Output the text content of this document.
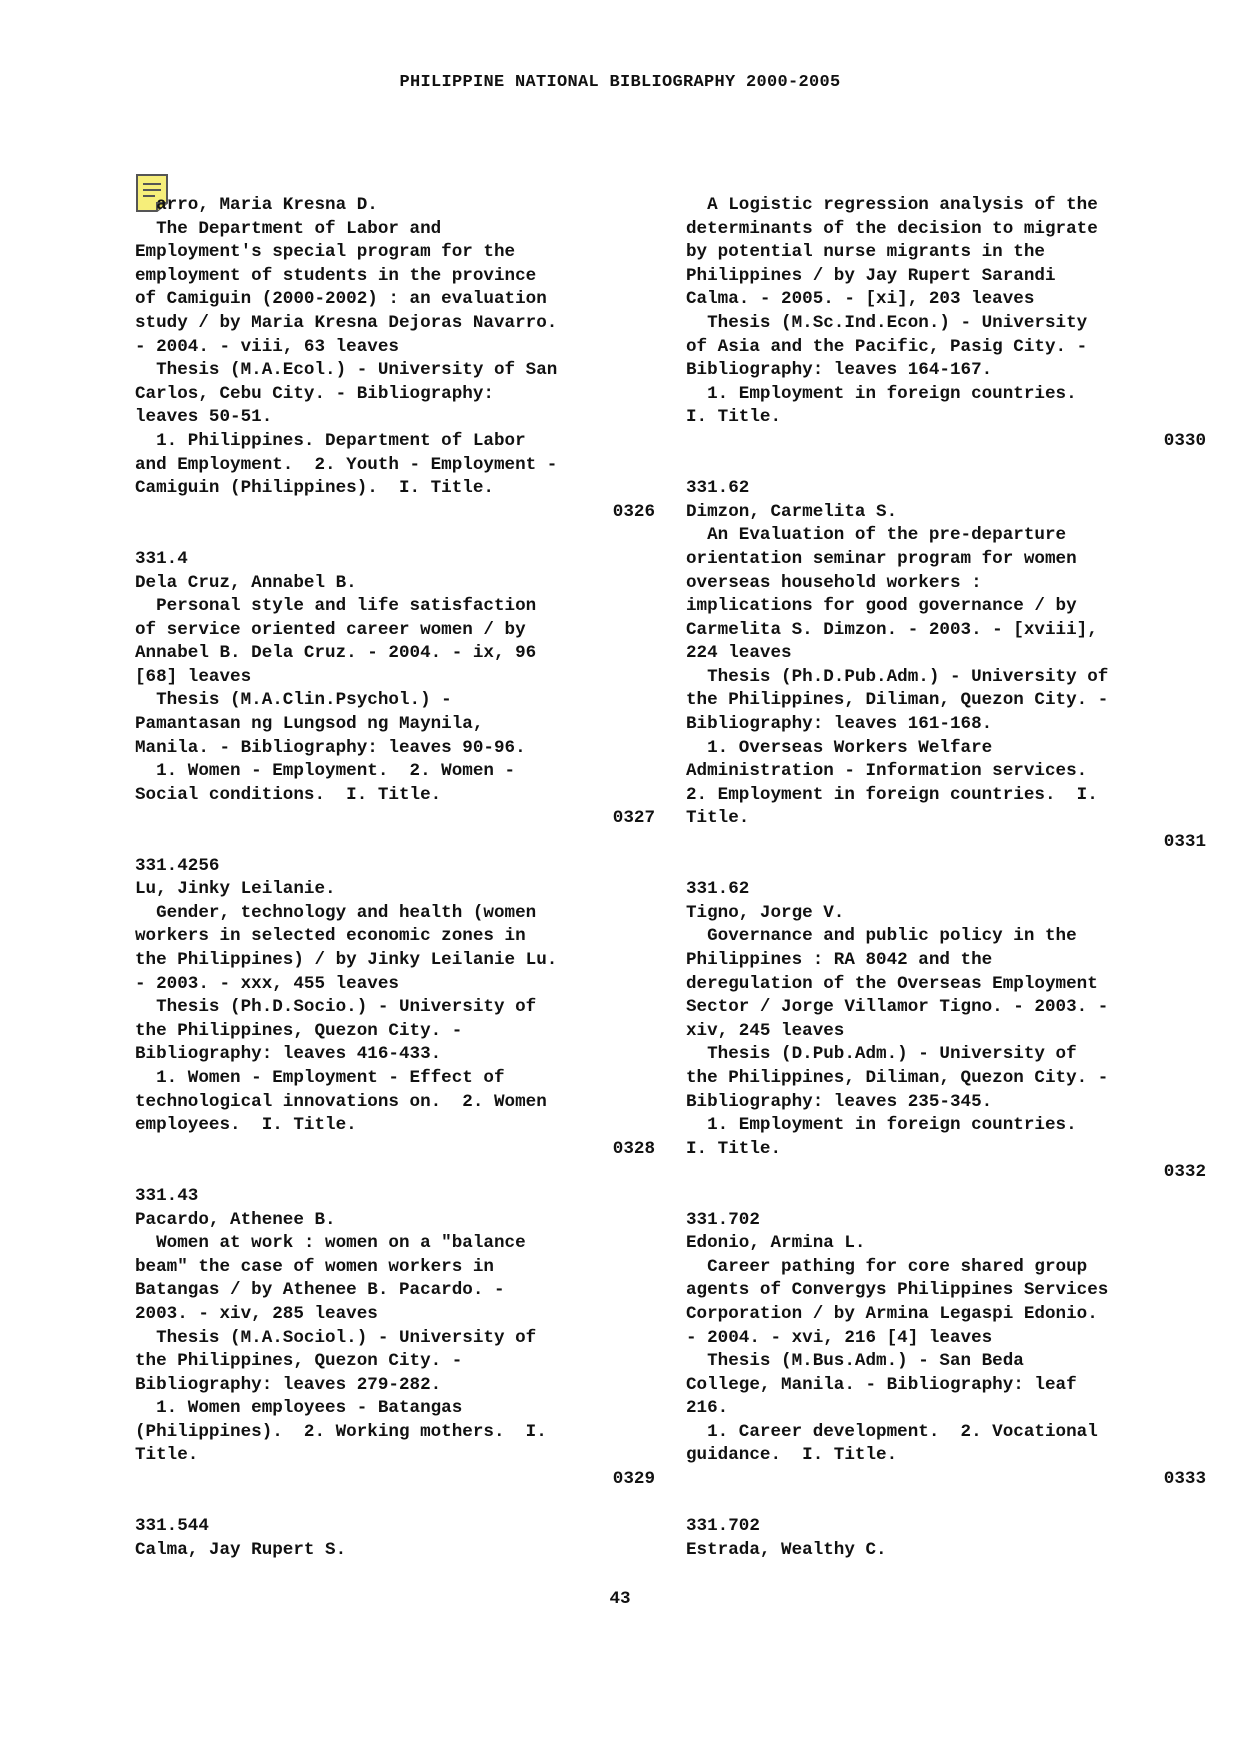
PHILIPPINE NATIONAL BIBLIOGRAPHY 2000-2005
arro, Maria Kresna D.
The Department of Labor and
Employment's special program for the
employment of students in the province
of Camiguin (2000-2002) : an evaluation
study / by Maria Kresna Dejoras Navarro.
- 2004. - viii, 63 leaves
Thesis (M.A.Ecol.) - University of San
Carlos, Cebu City. - Bibliography:
leaves 50-51.
1. Philippines. Department of Labor
and Employment.  2. Youth - Employment -
Camiguin (Philippines).  I. Title.
0326
331.4
Dela Cruz, Annabel B.
Personal style and life satisfaction
of service oriented career women / by
Annabel B. Dela Cruz. - 2004. - ix, 96
[68] leaves
Thesis (M.A.Clin.Psychol.) -
Pamantasan ng Lungsod ng Maynila,
Manila. - Bibliography: leaves 90-96.
1. Women - Employment.  2. Women -
Social conditions.  I. Title.
0327
331.4256
Lu, Jinky Leilanie.
Gender, technology and health (women
workers in selected economic zones in
the Philippines) / by Jinky Leilanie Lu.
- 2003. - xxx, 455 leaves
Thesis (Ph.D.Socio.) - University of
the Philippines, Quezon City. -
Bibliography: leaves 416-433.
1. Women - Employment - Effect of
technological innovations on.  2. Women
employees.  I. Title.
0328
331.43
Pacardo, Athenee B.
Women at work : women on a "balance
beam" the case of women workers in
Batangas / by Athenee B. Pacardo. -
2003. - xiv, 285 leaves
Thesis (M.A.Sociol.) - University of
the Philippines, Quezon City. -
Bibliography: leaves 279-282.
1. Women employees - Batangas
(Philippines).  2. Working mothers.  I.
Title.
0329
331.544
Calma, Jay Rupert S.
A Logistic regression analysis of the
determinants of the decision to migrate
by potential nurse migrants in the
Philippines / by Jay Rupert Sarandi
Calma. - 2005. - [xi], 203 leaves
Thesis (M.Sc.Ind.Econ.) - University
of Asia and the Pacific, Pasig City. -
Bibliography: leaves 164-167.
1. Employment in foreign countries.
I. Title.
0330
331.62
Dimzon, Carmelita S.
An Evaluation of the pre-departure
orientation seminar program for women
overseas household workers :
implications for good governance / by
Carmelita S. Dimzon. - 2003. - [xviii],
224 leaves
Thesis (Ph.D.Pub.Adm.) - University of
the Philippines, Diliman, Quezon City. -
Bibliography: leaves 161-168.
1. Overseas Workers Welfare
Administration - Information services.
2. Employment in foreign countries.  I.
Title.
0331
331.62
Tigno, Jorge V.
Governance and public policy in the
Philippines : RA 8042 and the
deregulation of the Overseas Employment
Sector / Jorge Villamor Tigno. - 2003. -
xiv, 245 leaves
Thesis (D.Pub.Adm.) - University of
the Philippines, Diliman, Quezon City. -
Bibliography: leaves 235-345.
1. Employment in foreign countries.
I. Title.
0332
331.702
Edonio, Armina L.
Career pathing for core shared group
agents of Convergys Philippines Services
Corporation / by Armina Legaspi Edonio.
- 2004. - xvi, 216 [4] leaves
Thesis (M.Bus.Adm.) - San Beda
College, Manila. - Bibliography: leaf
216.
1. Career development.  2. Vocational
guidance.  I. Title.
0333
331.702
Estrada, Wealthy C.
43
